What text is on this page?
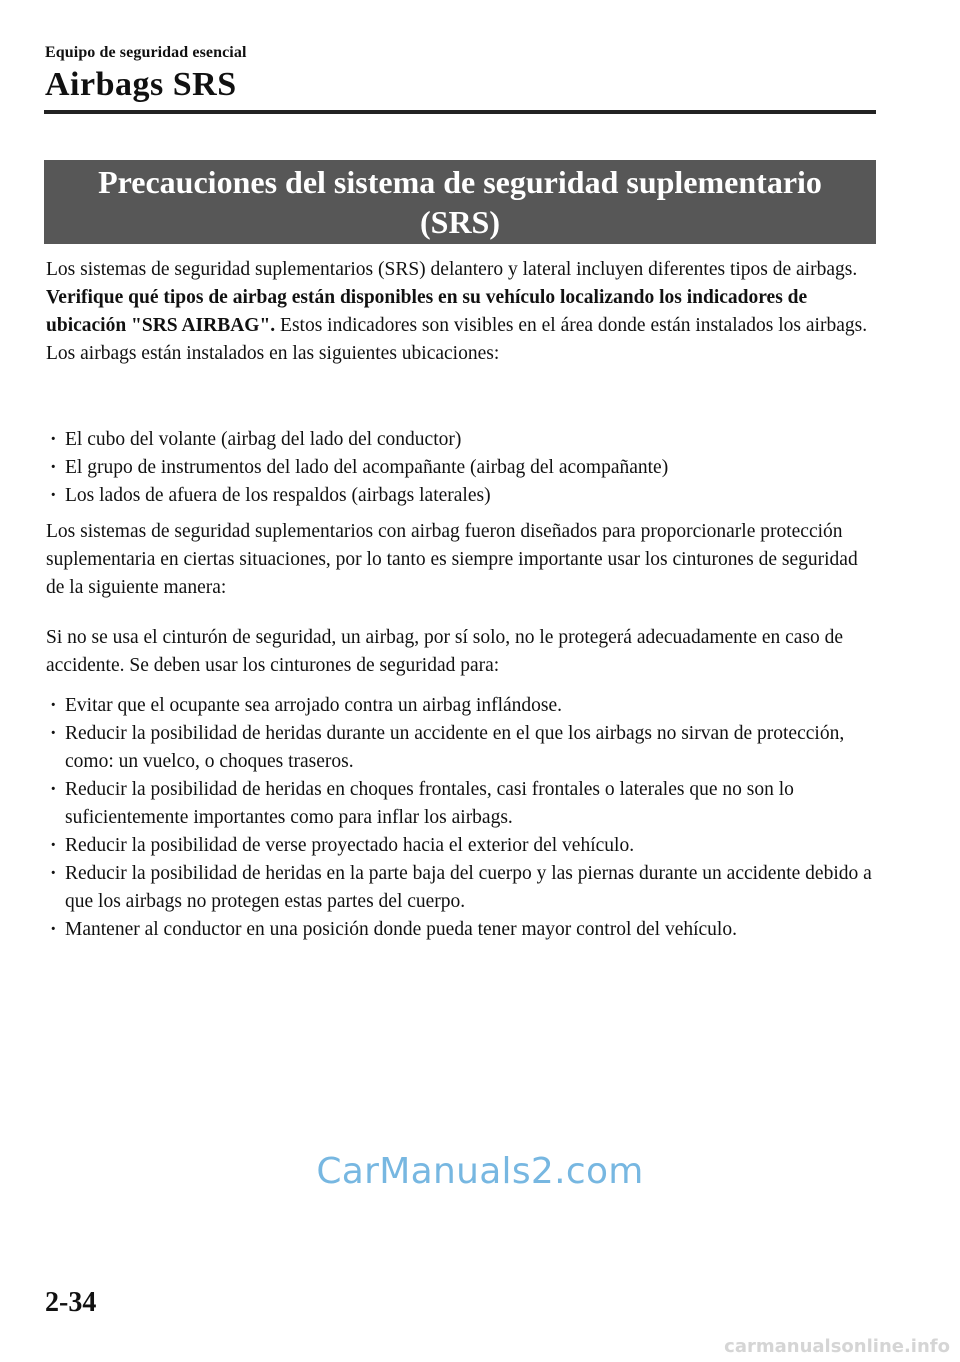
Equipo de seguridad esencial
Airbags SRS
Precauciones del sistema de seguridad suplementario
(SRS)
Los sistemas de seguridad suplementarios (SRS) delantero y lateral incluyen diferentes tipos de airbags. Verifique qué tipos de airbag están disponibles en su vehículo localizando los indicadores de ubicación "SRS AIRBAG". Estos indicadores son visibles en el área donde están instalados los airbags.
Los airbags están instalados en las siguientes ubicaciones:
· El cubo del volante (airbag del lado del conductor)
· El grupo de instrumentos del lado del acompañante (airbag del acompañante)
· Los lados de afuera de los respaldos (airbags laterales)
Los sistemas de seguridad suplementarios con airbag fueron diseñados para proporcionarle protección suplementaria en ciertas situaciones, por lo tanto es siempre importante usar los cinturones de seguridad de la siguiente manera:
Si no se usa el cinturón de seguridad, un airbag, por sí solo, no le protegerá adecuadamente en caso de accidente. Se deben usar los cinturones de seguridad para:
· Evitar que el ocupante sea arrojado contra un airbag inflándose.
· Reducir la posibilidad de heridas durante un accidente en el que los airbags no sirvan de protección, como: un vuelco, o choques traseros.
· Reducir la posibilidad de heridas en choques frontales, casi frontales o laterales que no son lo suficientemente importantes como para inflar los airbags.
· Reducir la posibilidad de verse proyectado hacia el exterior del vehículo.
· Reducir la posibilidad de heridas en la parte baja del cuerpo y las piernas durante un accidente debido a que los airbags no protegen estas partes del cuerpo.
· Mantener al conductor en una posición donde pueda tener mayor control del vehículo.
CarManuals2.com
2-34
carmanualsonline.info
